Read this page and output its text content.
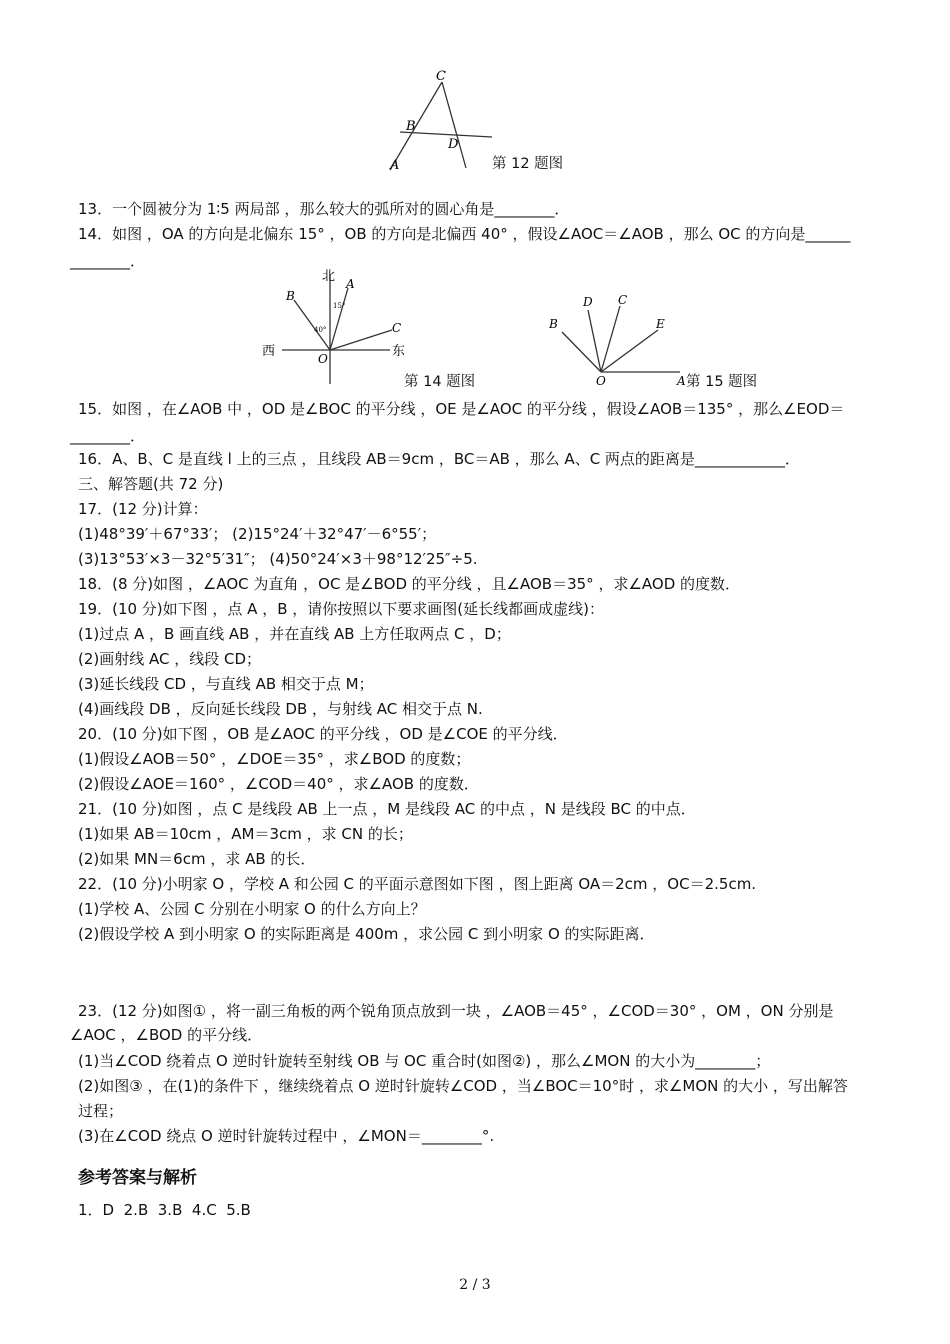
C
B
D
A	第 12 题图
13．一个圆被分为 1∶5 两局部 ，那么较大的弧所对的圆心角是________．
14．如图 ，OA 的方向是北偏东 15° ，OB 的方向是北偏西 40° ，假设∠AOC＝∠AOB ，那么 OC 的方向是______
________．
北 A
15°
B
40°	C
西	东
O
第 14 题图
D C
B	E
O	A 第 15 题图
15．如图 ，在∠AOB 中 ，OD 是∠BOC 的平分线 ，OE 是∠AOC 的平分线 ，假设∠AOB＝135° ，那么∠EOD＝
________．
16．A、B、C 是直线 l 上的三点 ，且线段 AB＝9cm ，BC＝AB ，那么 A、C 两点的距离是____________．
三、解答题(共 72 分)
17．(12 分)计算：
(1)48°39′＋67°33′； (2)15°24′＋32°47′－6°55′；
(3)13°53′×3－32°5′31″； (4)50°24′×3＋98°12′25″÷5.
18．(8 分)如图 ，∠AOC 为直角 ，OC 是∠BOD 的平分线 ，且∠AOB＝35° ，求∠AOD 的度数．
19．(10 分)如下图 ，点 A ，B ，请你按照以下要求画图(延长线都画成虚线)：
(1)过点 A ，B 画直线 AB ，并在直线 AB 上方任取两点 C ，D；
(2)画射线 AC ，线段 CD；
(3)延长线段 CD ，与直线 AB 相交于点 M；
(4)画线段 DB ，反向延长线段 DB ，与射线 AC 相交于点 N.
20．(10 分)如下图 ，OB 是∠AOC 的平分线 ，OD 是∠COE 的平分线．
(1)假设∠AOB＝50° ，∠DOE＝35° ，求∠BOD 的度数；
(2)假设∠AOE＝160° ，∠COD＝40° ，求∠AOB 的度数．
21．(10 分)如图 ，点 C 是线段 AB 上一点 ，M 是线段 AC 的中点 ，N 是线段 BC 的中点．
(1)如果 AB＝10cm ，AM＝3cm ，求 CN 的长；
(2)如果 MN＝6cm ，求 AB 的长．
22．(10 分)小明家 O ，学校 A 和公园 C 的平面示意图如下图 ，图上距离 OA＝2cm ，OC＝2.5cm.
(1)学校 A、公园 C 分别在小明家 O 的什么方向上？
(2)假设学校 A 到小明家 O 的实际距离是 400m ，求公园 C 到小明家 O 的实际距离．
23．(12 分)如图① ，将一副三角板的两个锐角顶点放到一块 ，∠AOB＝45° ，∠COD＝30° ，OM ，ON 分别是
∠AOC ，∠BOD 的平分线．
(1)当∠COD 绕着点 O 逆时针旋转至射线 OB 与 OC 重合时(如图②) ，那么∠MON 的大小为________；
(2)如图③ ，在(1)的条件下 ，继续绕着点 O 逆时针旋转∠COD ，当∠BOC＝10°时 ，求∠MON 的大小 ，写出解答
过程；
(3)在∠COD 绕点 O 逆时针旋转过程中 ，∠MON＝________°.
参考答案与解析
1．D  2.B  3.B  4.C  5.B
2 / 3
